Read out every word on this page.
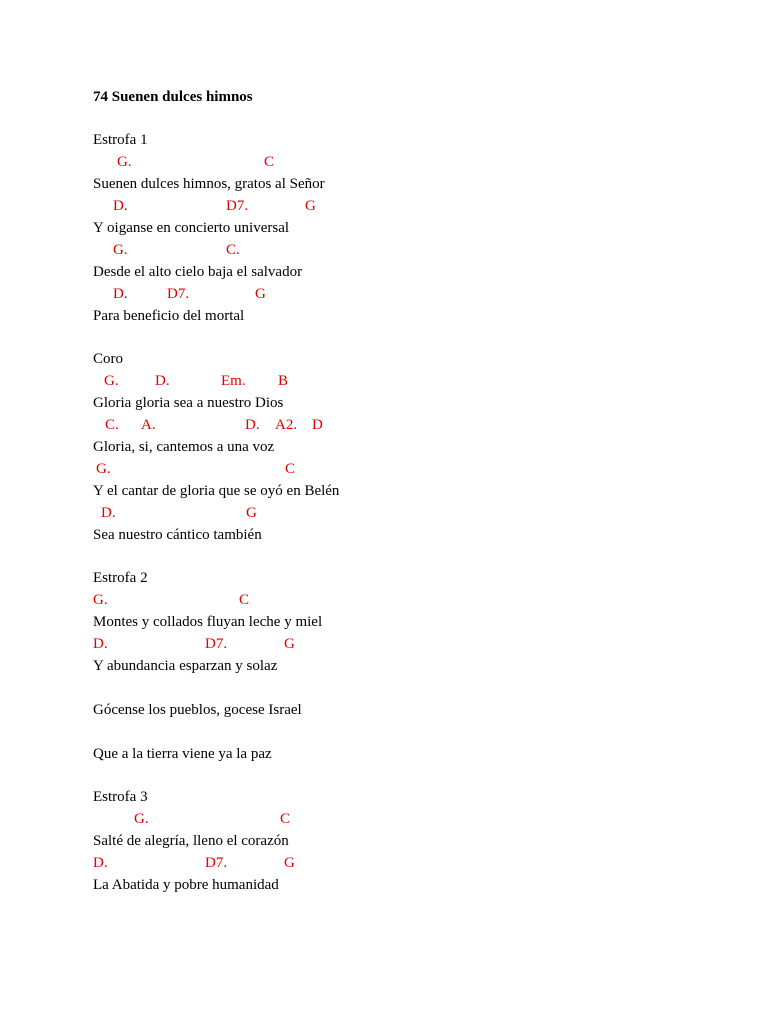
74 Suenen dulces himnos
Estrofa 1
G.	C
Suenen dulces himnos, gratos al Señor
D.	D7.	G
Y oiganse en concierto universal
G.	C.
Desde el alto cielo baja el salvador
D.	D7.	G
Para beneficio del mortal
Coro
G. D.	Em. B
Gloria gloria sea a nuestro Dios
C. A.	D. A2. D
Gloria, si, cantemos a una voz
G.	C
Y el cantar de gloria que se oyó en Belén
D.	G
Sea nuestro cántico también
Estrofa 2
G.	C
Montes y collados fluyan leche y miel
D.	D7.	G
Y abundancia esparzan y solaz
Gócense los pueblos, gocese Israel
Que a la tierra viene ya la paz
Estrofa 3
G.	C
Salté de alegría, lleno el corazón
D.	D7.	G
La Abatida y pobre humanidad
